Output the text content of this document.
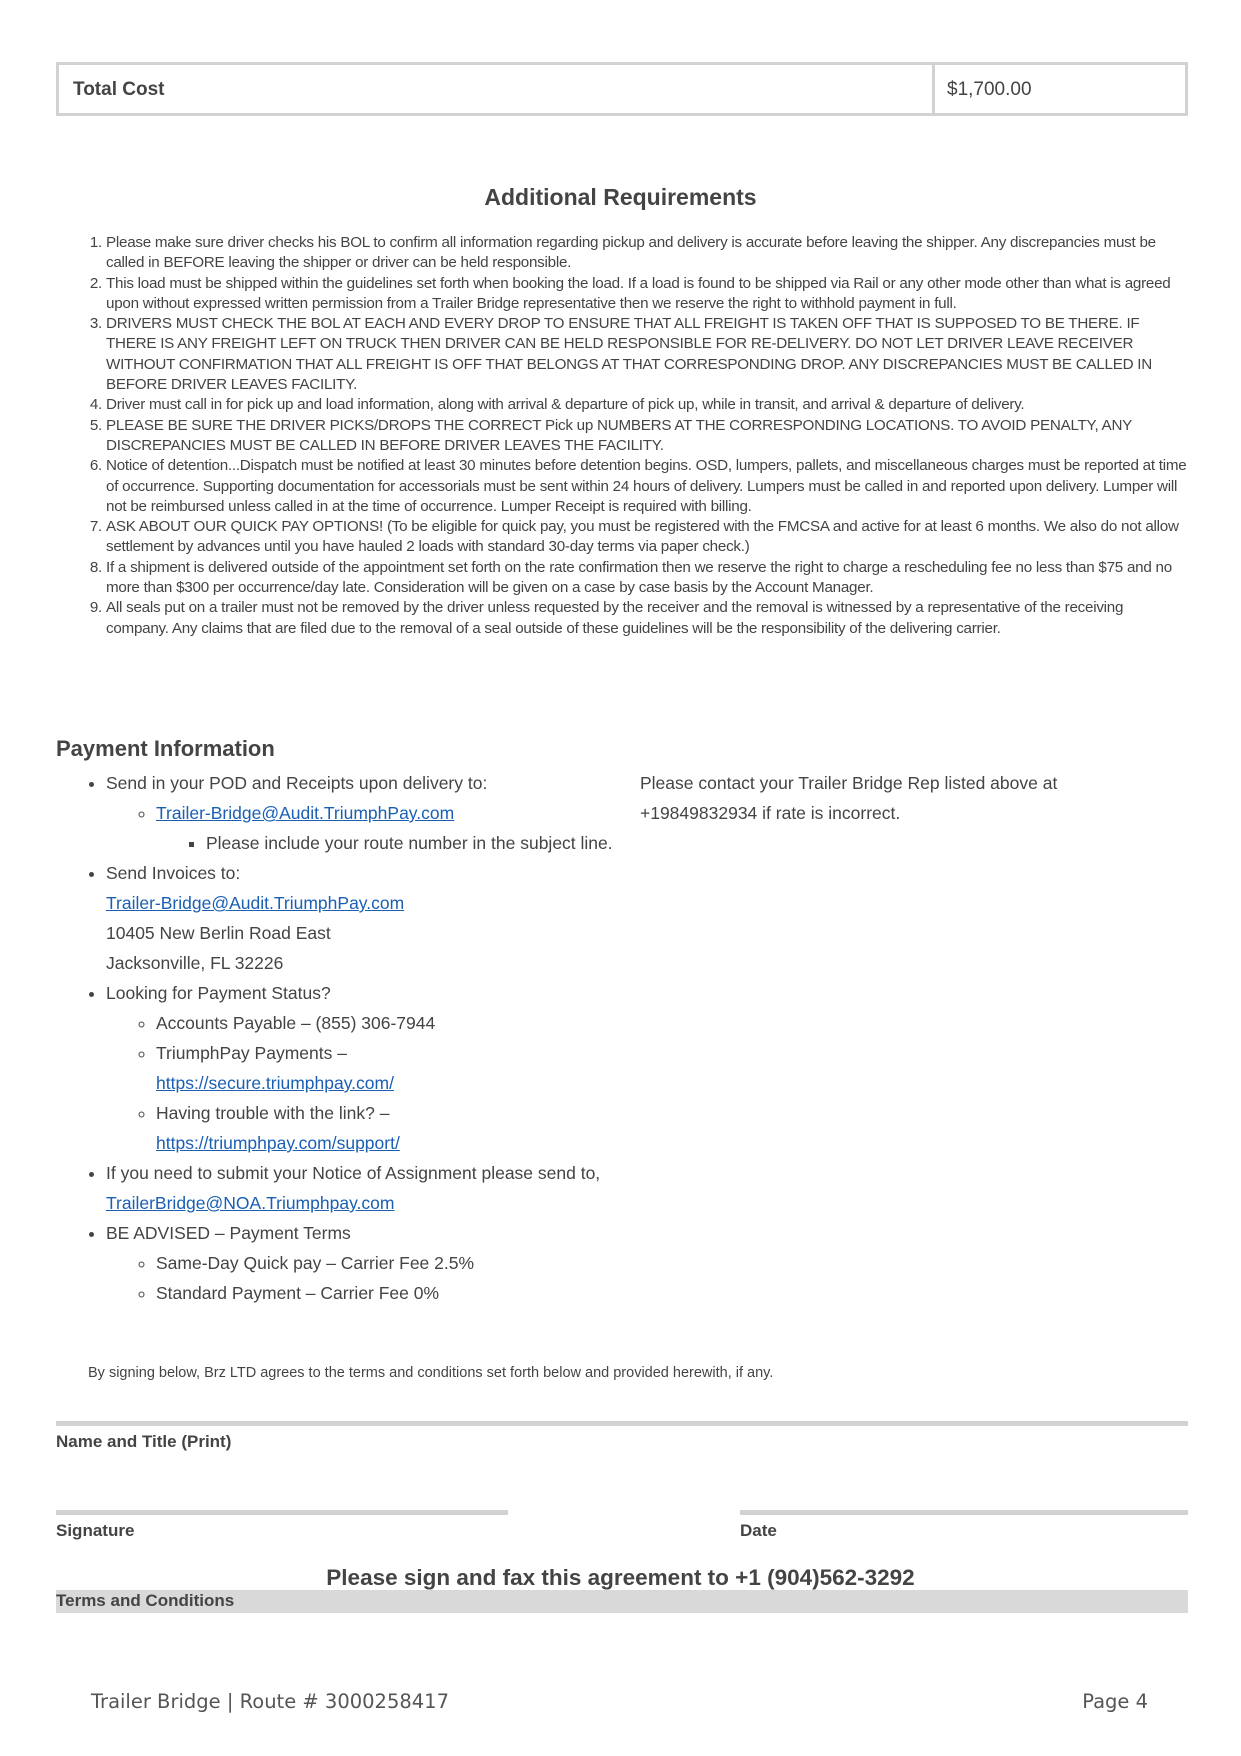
Total Cost	$1,700.00
Additional Requirements
1. Please make sure driver checks his BOL to confirm all information regarding pickup and delivery is accurate before leaving the shipper. Any discrepancies must be called in BEFORE leaving the shipper or driver can be held responsible.
2. This load must be shipped within the guidelines set forth when booking the load. If a load is found to be shipped via Rail or any other mode other than what is agreed upon without expressed written permission from a Trailer Bridge representative then we reserve the right to withhold payment in full.
3. DRIVERS MUST CHECK THE BOL AT EACH AND EVERY DROP TO ENSURE THAT ALL FREIGHT IS TAKEN OFF THAT IS SUPPOSED TO BE THERE. IF THERE IS ANY FREIGHT LEFT ON TRUCK THEN DRIVER CAN BE HELD RESPONSIBLE FOR RE-DELIVERY. DO NOT LET DRIVER LEAVE RECEIVER WITHOUT CONFIRMATION THAT ALL FREIGHT IS OFF THAT BELONGS AT THAT CORRESPONDING DROP. ANY DISCREPANCIES MUST BE CALLED IN BEFORE DRIVER LEAVES FACILITY.
4. Driver must call in for pick up and load information, along with arrival & departure of pick up, while in transit, and arrival & departure of delivery.
5. PLEASE BE SURE THE DRIVER PICKS/DROPS THE CORRECT Pick up NUMBERS AT THE CORRESPONDING LOCATIONS. TO AVOID PENALTY, ANY DISCREPANCIES MUST BE CALLED IN BEFORE DRIVER LEAVES THE FACILITY.
6. Notice of detention...Dispatch must be notified at least 30 minutes before detention begins. OSD, lumpers, pallets, and miscellaneous charges must be reported at time of occurrence. Supporting documentation for accessorials must be sent within 24 hours of delivery. Lumpers must be called in and reported upon delivery. Lumper will not be reimbursed unless called in at the time of occurrence. Lumper Receipt is required with billing.
7. ASK ABOUT OUR QUICK PAY OPTIONS! (To be eligible for quick pay, you must be registered with the FMCSA and active for at least 6 months. We also do not allow settlement by advances until you have hauled 2 loads with standard 30-day terms via paper check.)
8. If a shipment is delivered outside of the appointment set forth on the rate confirmation then we reserve the right to charge a rescheduling fee no less than $75 and no more than $300 per occurrence/day late. Consideration will be given on a case by case basis by the Account Manager.
9. All seals put on a trailer must not be removed by the driver unless requested by the receiver and the removal is witnessed by a representative of the receiving company. Any claims that are filed due to the removal of a seal outside of these guidelines will be the responsibility of the delivering carrier.
Payment Information
• Send in your POD and Receipts upon delivery to:
◦ Trailer-Bridge@Audit.TriumphPay.com
▪ Please include your route number in the subject line.
• Send Invoices to:
Trailer-Bridge@Audit.TriumphPay.com
10405 New Berlin Road East
Jacksonville, FL 32226
• Looking for Payment Status?
◦ Accounts Payable – (855) 306-7944
◦ TriumphPay Payments –
https://secure.triumphpay.com/
◦ Having trouble with the link? –
https://triumphpay.com/support/
• If you need to submit your Notice of Assignment please send to, TrailerBridge@NOA.Triumphpay.com
• BE ADVISED – Payment Terms
◦ Same-Day Quick pay – Carrier Fee 2.5%
◦ Standard Payment – Carrier Fee 0%
Please contact your Trailer Bridge Rep listed above at +19849832934 if rate is incorrect.
By signing below, Brz LTD agrees to the terms and conditions set forth below and provided herewith, if any.
Name and Title (Print)
Signature	Date
Please sign and fax this agreement to +1 (904)562-3292
Terms and Conditions
Trailer Bridge | Route # 3000258417	Page 4
